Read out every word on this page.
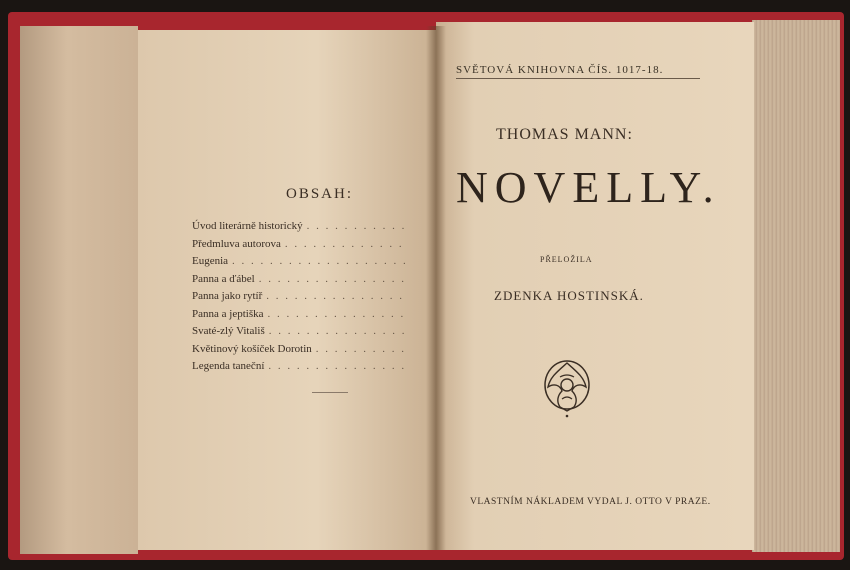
OBSAH:
Úvod literárně historický
. . .
Předmluva autorova
. . .
Eugenia
. . .
Panna a ďábel
. . .
Panna jako rytíř
. . .
Panna a jeptiška
. . .
Svaté-zlý Vitališ
. . .
Květinový košíček Dorotin
. . .
Legenda taneční
. . .
SVĚTOVÁ KNIHOVNA ČÍS. 1017-18.
THOMAS MANN:
NOVELLY.
PŘELOŽILA
ZDENKA HOSTINSKÁ.
VLASTNÍM NÁKLADEM VYDAL J. OTTO V PRAZE.
